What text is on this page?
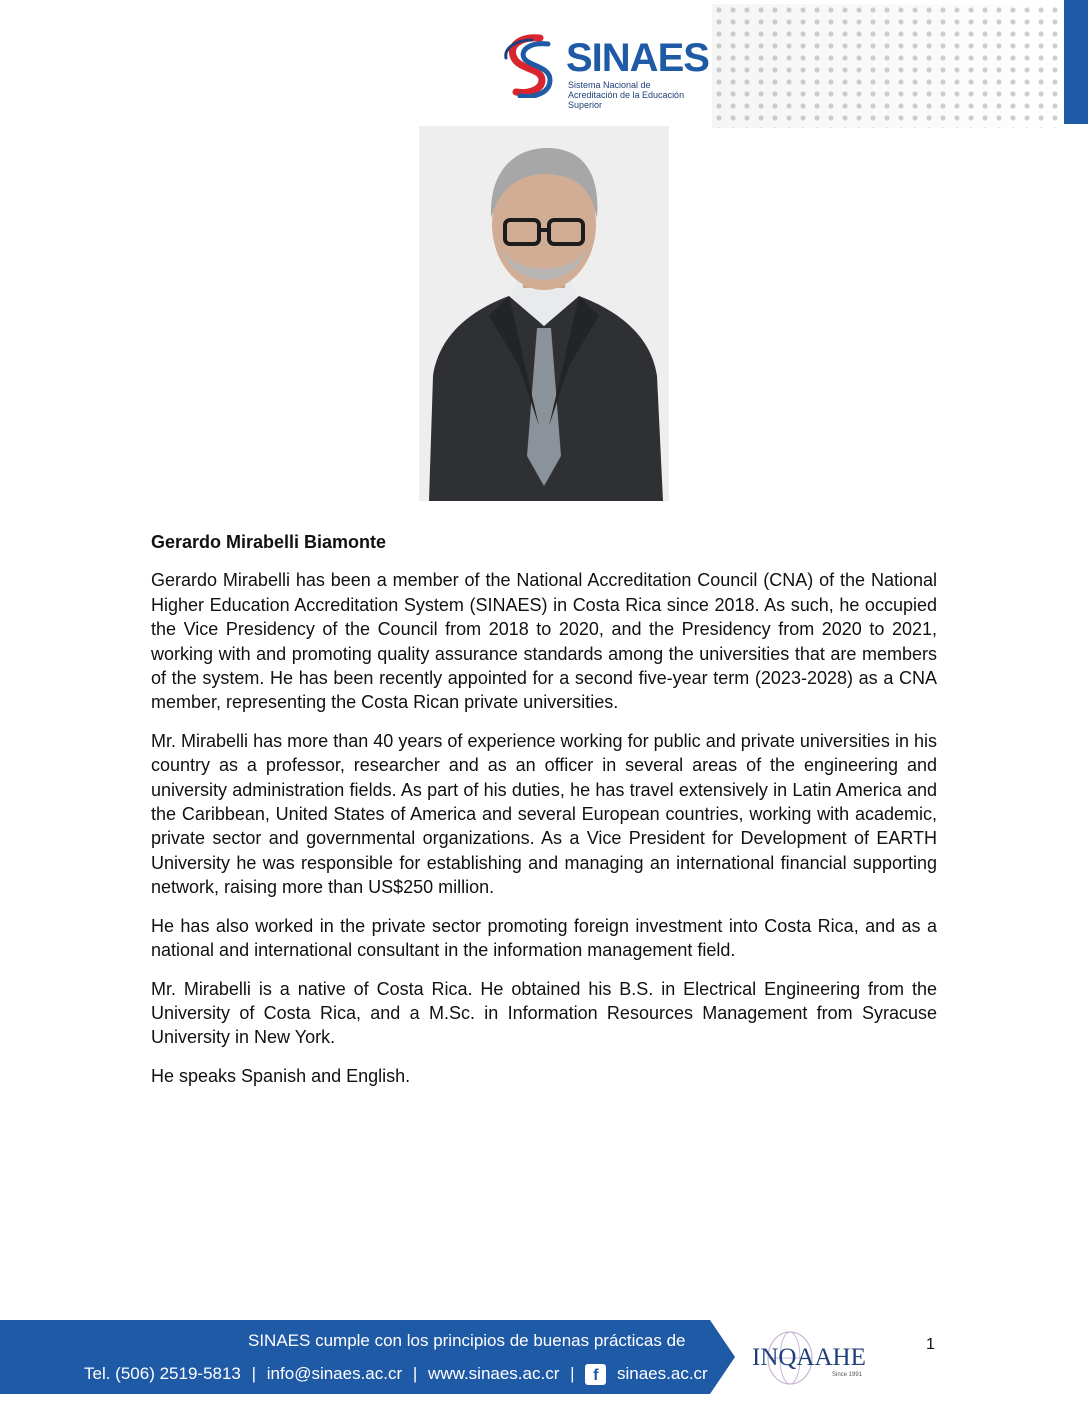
SINAES
Sistema Nacional de Acreditación de la Educación Superior
Gerardo Mirabelli Biamonte

Gerardo Mirabelli has been a member of the National Accreditation Council (CNA) of the National Higher Education Accreditation System (SINAES) in Costa Rica since 2018. As such, he occupied the Vice Presidency of the Council from 2018 to 2020, and the Presidency from 2020 to 2021, working with and promoting quality assurance standards among the universities that are members of the system. He has been recently appointed for a second five-year term (2023-2028) as a CNA member, representing the Costa Rican private universities.

Mr. Mirabelli has more than 40 years of experience working for public and private universities in his country as a professor, researcher and as an officer in several areas of the engineering and university administration fields. As part of his duties, he has travel extensively in Latin America and the Caribbean, United States of America and several European countries, working with academic, private sector and governmental organizations. As a Vice President for Development of EARTH University he was responsible for establishing and managing an international financial supporting network, raising more than US$250 million.

He has also worked in the private sector promoting foreign investment into Costa Rica, and as a national and international consultant in the information management field.

Mr. Mirabelli is a native of Costa Rica. He obtained his B.S. in Electrical Engineering from the University of Costa Rica, and a M.Sc. in Information Resources Management from Syracuse University in New York.

He speaks Spanish and English.

SINAES cumple con los principios de buenas prácticas de
Tel. (506) 2519-5813 | info@sinaes.ac.cr | www.sinaes.ac.cr | f sinaes.ac.cr
INQAAHE
Since 1991
1
